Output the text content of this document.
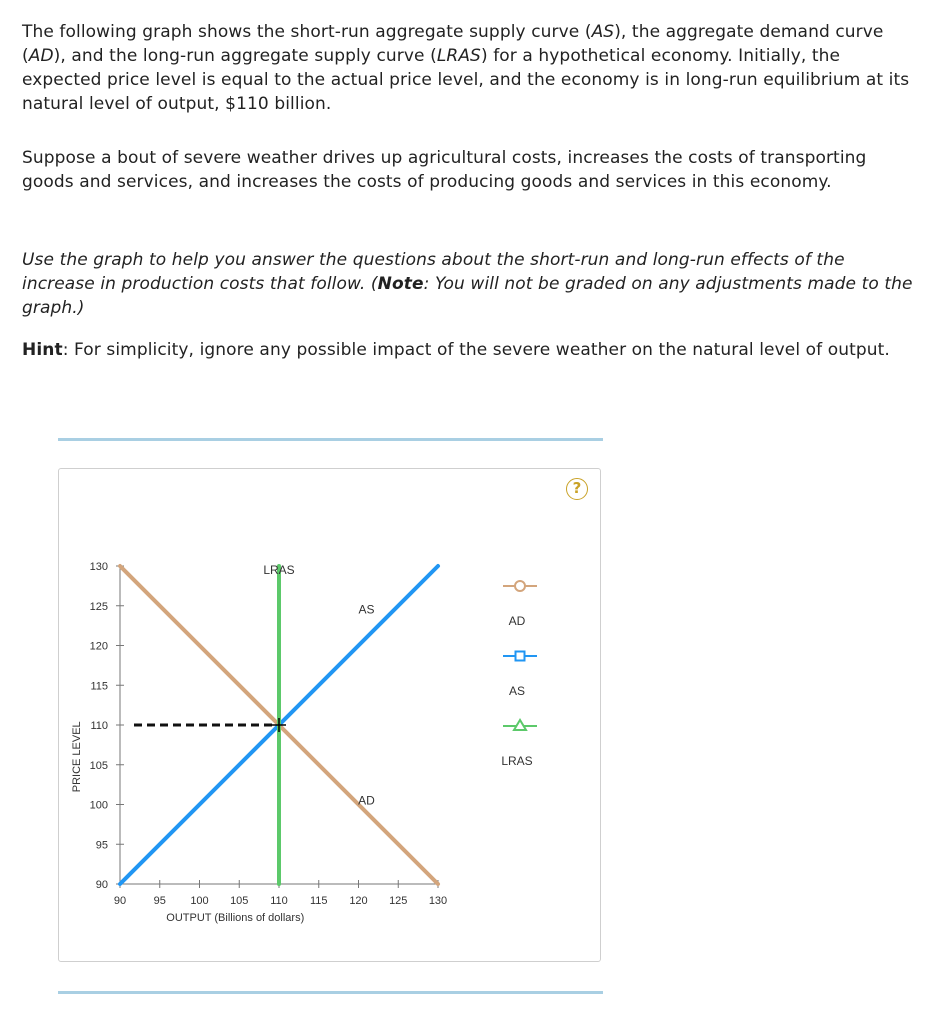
The following graph shows the short-run aggregate supply curve (AS), the aggregate demand curve (AD), and the long-run aggregate supply curve (LRAS) for a hypothetical economy. Initially, the expected price level is equal to the actual price level, and the economy is in long-run equilibrium at its natural level of output, $110 billion.

Suppose a bout of severe weather drives up agricultural costs, increases the costs of transporting goods and services, and increases the costs of producing goods and services in this economy.

Use the graph to help you answer the questions about the short-run and long-run effects of the increase in production costs that follow. (Note: You will not be graded on any adjustments made to the graph.)

Hint: For simplicity, ignore any possible impact of the severe weather on the natural level of output.

?
90
95
100
105
110
115
120
125
130
90	95 100 105 110 115 120 125 130
OUTPUT (Billions of dollars)
PRICE LEVEL
LRAS
AS
AD
AD
AS
LRAS
